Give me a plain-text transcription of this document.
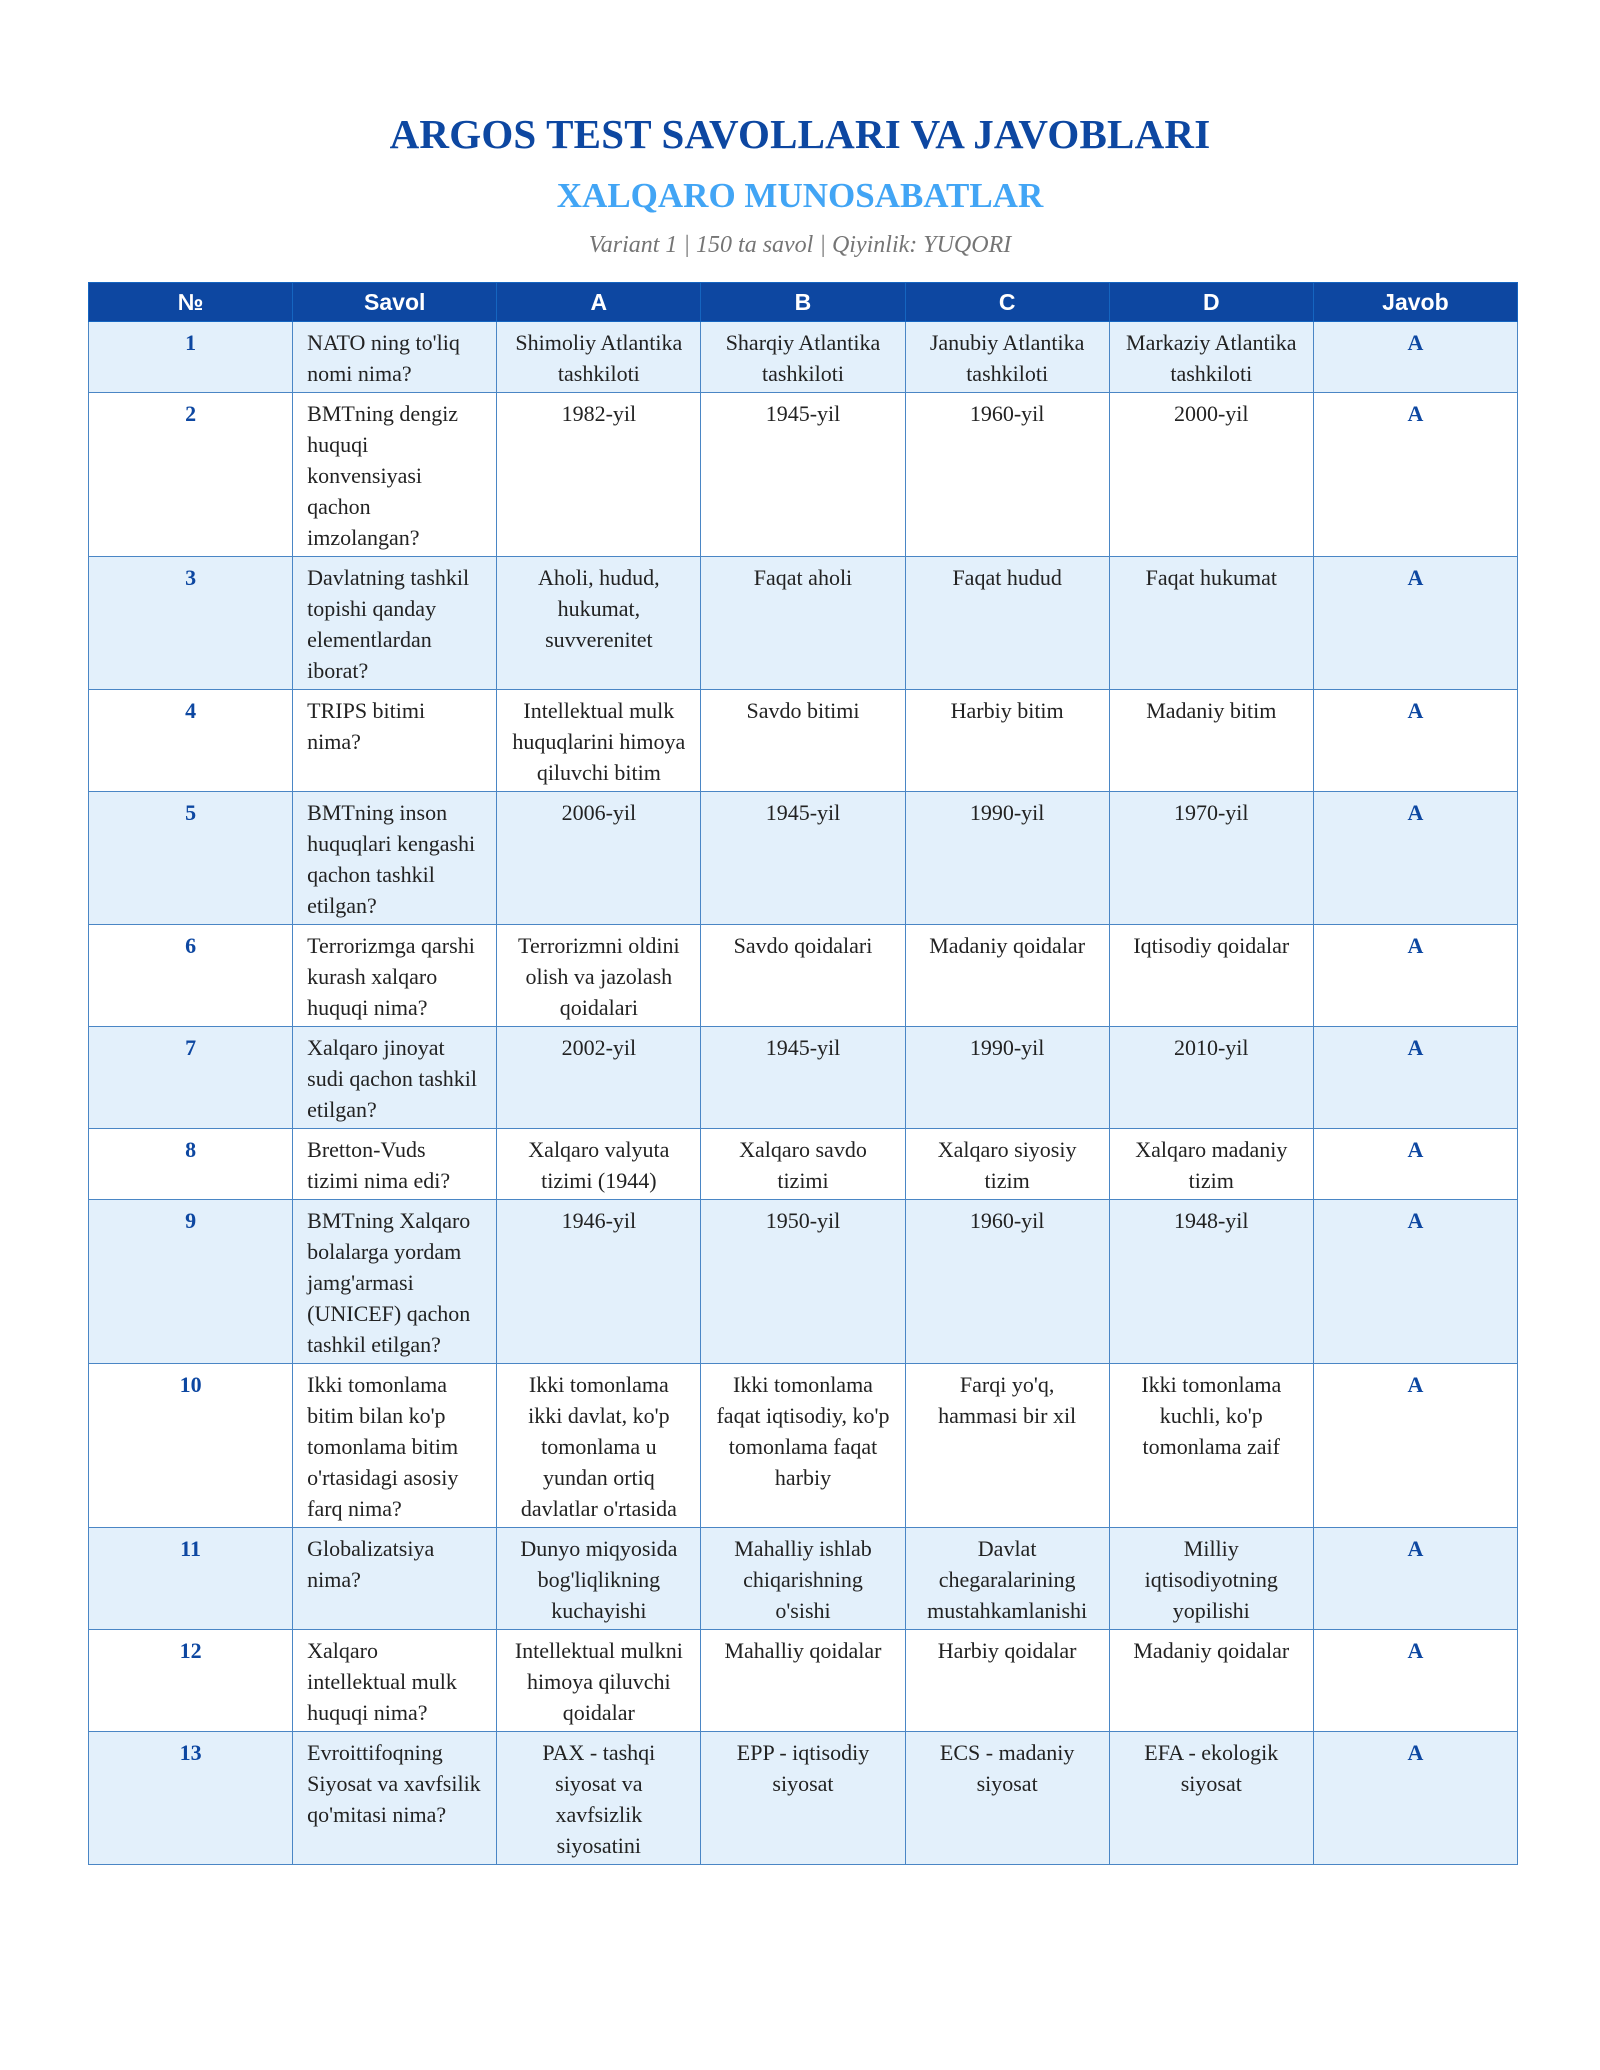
ARGOS TEST SAVOLLARI VA JAVOBLARI
XALQARO MUNOSABATLAR
Variant 1 | 150 ta savol | Qiyinlik: YUQORI
№	Savol	A	B	C	D	Javob
1	NATO ning to'liq nomi nima?	Shimoliy Atlantika tashkiloti	Sharqiy Atlantika tashkiloti	Janubiy Atlantika tashkiloti	Markaziy Atlantika tashkiloti	A
2	BMTning dengiz huquqi konvensiyasi qachon imzolangan?	1982-yil	1945-yil	1960-yil	2000-yil	A
3	Davlatning tashkil topishi qanday elementlardan iborat?	Aholi, hudud, hukumat, suvverenitet	Faqat aholi	Faqat hudud	Faqat hukumat	A
4	TRIPS bitimi nima?	Intellektual mulk huquqlarini himoya qiluvchi bitim	Savdo bitimi	Harbiy bitim	Madaniy bitim	A
5	BMTning inson huquqlari kengashi qachon tashkil etilgan?	2006-yil	1945-yil	1990-yil	1970-yil	A
6	Terrorizmga qarshi kurash xalqaro huquqi nima?	Terrorizmni oldini olish va jazolash qoidalari	Savdo qoidalari	Madaniy qoidalar	Iqtisodiy qoidalar	A
7	Xalqaro jinoyat sudi qachon tashkil etilgan?	2002-yil	1945-yil	1990-yil	2010-yil	A
8	Bretton-Vuds tizimi nima edi?	Xalqaro valyuta tizimi (1944)	Xalqaro savdo tizimi	Xalqaro siyosiy tizim	Xalqaro madaniy tizim	A
9	BMTning Xalqaro bolalarga yordam jamg'armasi (UNICEF) qachon tashkil etilgan?	1946-yil	1950-yil	1960-yil	1948-yil	A
10	Ikki tomonlama bitim bilan ko'p tomonlama bitim o'rtasidagi asosiy farq nima?	Ikki tomonlama ikki davlat, ko'p tomonlama u yundan ortiq davlatlar o'rtasida	Ikki tomonlama faqat iqtisodiy, ko'p tomonlama faqat harbiy	Farqi yo'q, hammasi bir xil	Ikki tomonlama kuchli, ko'p tomonlama zaif	A
11	Globalizatsiya nima?	Dunyo miqyosida bog'liqlikning kuchayishi	Mahalliy ishlab chiqarishning o'sishi	Davlat chegaralarining mustahkamlanishi	Milliy iqtisodiyotning yopilishi	A
12	Xalqaro intellektual mulk huquqi nima?	Intellektual mulkni himoya qiluvchi qoidalar	Mahalliy qoidalar	Harbiy qoidalar	Madaniy qoidalar	A
13	Evroittifoqning Siyosat va xavfsilik qo'mitasi nima?	PAX - tashqi siyosat va xavfsizlik siyosatini	EPP - iqtisodiy siyosat	ECS - madaniy siyosat	EFA - ekologik siyosat	A
